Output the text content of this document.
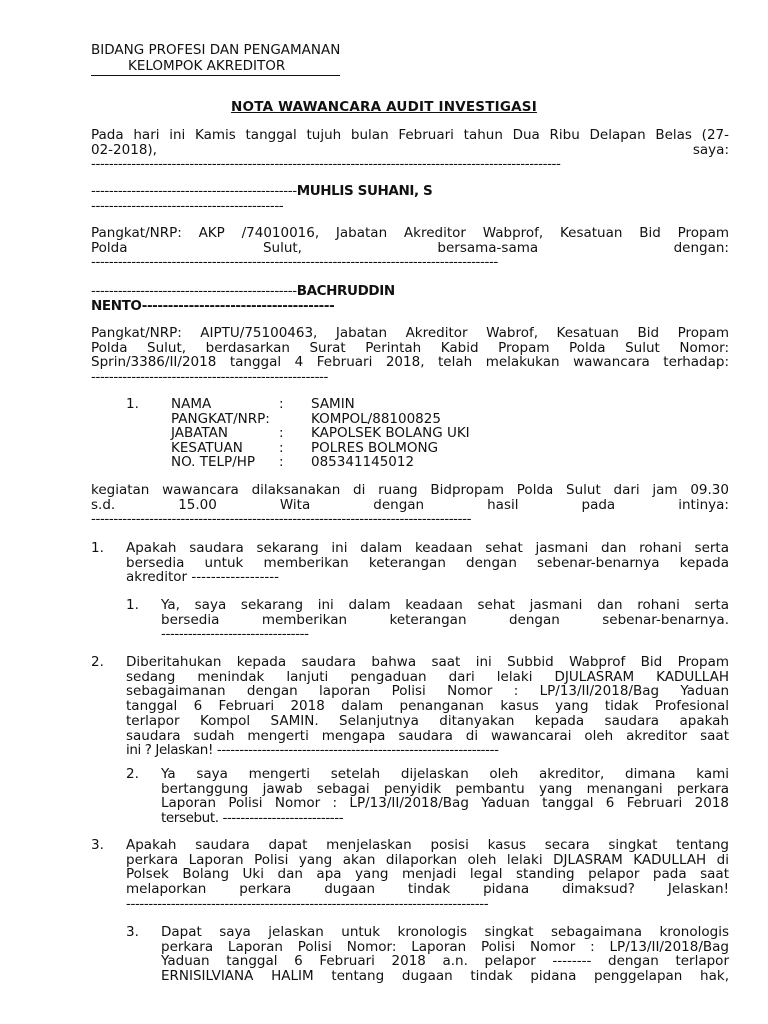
BIDANG PROFESI DAN PENGAMANAN
KELOMPOK AKREDITOR
NOTA WAWANCARA AUDIT INVESTIGASI
Pada hari ini Kamis tanggal tujuh bulan Februari tahun Dua Ribu Delapan Belas (27-
02-2018),	saya:
---------------------------------------------------------------------------------------------------------
----------------------------------------------MUHLIS SUHANI, S
-------------------------------------------
Pangkat/NRP: AKP /74010016, Jabatan Akreditor Wabprof, Kesatuan Bid Propam
Polda	Sulut,	bersama-sama	dengan:
-------------------------------------------------------------------------------------------
----------------------------------------------BACHRUDDIN
NENTO-------------------------------------
Pangkat/NRP: AIPTU/75100463, Jabatan Akreditor Wabrof, Kesatuan Bid Propam
Polda Sulut, berdasarkan Surat Perintah Kabid Propam Polda Sulut Nomor:
Sprin/3386/II/2018 tanggal 4 Februari 2018, telah melakukan wawancara terhadap:
-----------------------------------------------------
1.	NAMA	:	SAMIN
PANGKAT/NRP:	KOMPOL/88100825
JABATAN	:	KAPOLSEK BOLANG UKI
KESATUAN	:	POLRES BOLMONG
NO. TELP/HP	:	085341145012
kegiatan wawancara dilaksanakan di ruang Bidpropam Polda Sulut dari jam 09.30
s.d.	15.00	Wita	dengan	hasil	pada	intinya:
-------------------------------------------------------------------------------------
1. Apakah saudara sekarang ini dalam keadaan sehat jasmani dan rohani serta
bersedia untuk memberikan keterangan dengan sebenar-benarnya kepada
akreditor ------------------
1. Ya, saya sekarang ini dalam keadaan sehat jasmani dan rohani serta
bersedia memberikan keterangan dengan sebenar-benarnya.
---------------------------------
2. Diberitahukan kepada saudara bahwa saat ini Subbid Wabprof Bid Propam
sedang menindak lanjuti pengaduan dari lelaki DJULASRAM KADULLAH
sebagaimanan dengan laporan Polisi Nomor : LP/13/II/2018/Bag Yaduan
tanggal 6 Februari 2018 dalam penanganan kasus yang tidak Profesional
terlapor Kompol SAMIN. Selanjutnya ditanyakan kepada saudara apakah
saudara sudah mengerti mengapa saudara di wawancarai oleh akreditor saat
ini ? Jelaskan! ---------------------------------------------------------------
2. Ya saya mengerti setelah dijelaskan oleh akreditor, dimana kami
bertanggung jawab sebagai penyidik pembantu yang menangani perkara
Laporan Polisi Nomor : LP/13/II/2018/Bag Yaduan tanggal 6 Februari 2018
tersebut. ---------------------------
3. Apakah saudara dapat menjelaskan posisi kasus secara singkat tentang
perkara Laporan Polisi yang akan dilaporkan oleh lelaki DJLASRAM KADULLAH di
Polsek Bolang Uki dan apa yang menjadi legal standing pelapor pada saat
melaporkan perkara dugaan tindak pidana dimaksud? Jelaskan!
---------------------------------------------------------------------------------
3. Dapat saya jelaskan untuk kronologis singkat sebagaimana kronologis
perkara Laporan Polisi Nomor: Laporan Polisi Nomor : LP/13/II/2018/Bag
Yaduan tanggal 6 Februari 2018 a.n. pelapor -------- dengan terlapor
ERNISILVIANA HALIM tentang dugaan tindak pidana penggelapan hak,
